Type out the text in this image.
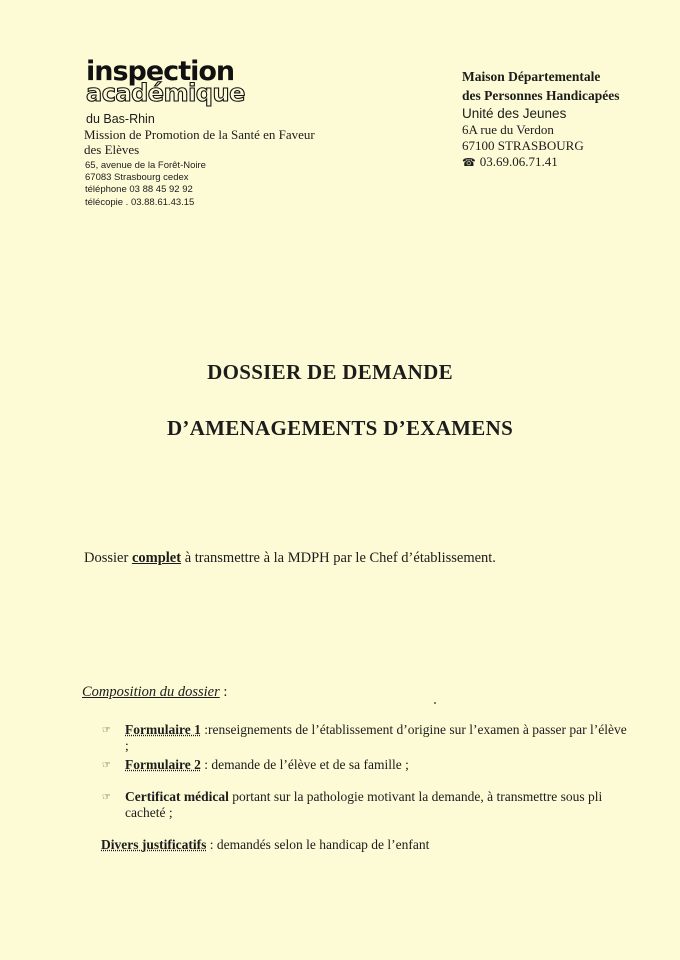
inspection
académique
du Bas-Rhin
Mission de Promotion de la Santé en Faveur des Elèves
65, avenue de la Forêt-Noire
67083 Strasbourg cedex
téléphone 03 88 45 92 92
télécopie . 03.88.61.43.15
Maison Départementale
des Personnes Handicapées
Unité des Jeunes
6A rue du Verdon
67100 STRASBOURG
☎ 03.69.06.71.41
DOSSIER DE DEMANDE
D’AMENAGEMENTS D’EXAMENS
Dossier complet à transmettre à la MDPH par le Chef d’établissement.
Composition du dossier :
☞ Formulaire 1 :renseignements de l’établissement d’origine sur l’examen à passer par l’élève ;
☞ Formulaire 2 : demande de l’élève et de sa famille ;
☞ Certificat médical portant sur la pathologie motivant la demande, à transmettre sous pli cacheté ;
Divers justificatifs : demandés selon le handicap de l’enfant
